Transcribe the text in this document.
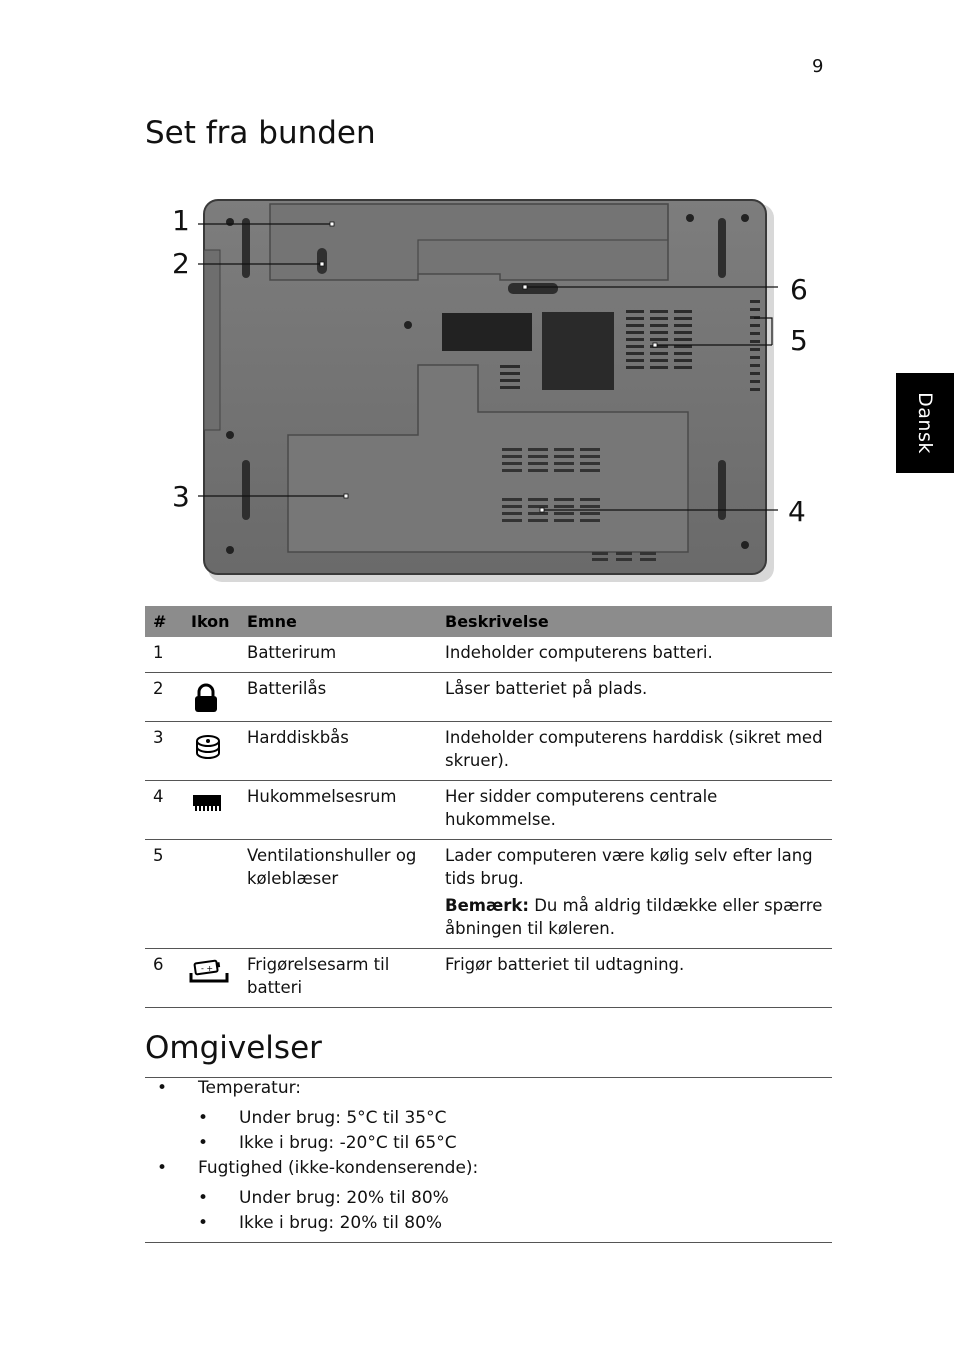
9
Set fra bunden
Dansk
1
2
3	4
5
6
#	Ikon	Emne	Beskrivelse
1		Batterirum	Indeholder computerens batteri.
2		Batterilås	Låser batteriet på plads.
3		Harddiskbås	Indeholder computerens harddisk (sikret med skruer).
4		Hukommelsesrum	Her sidder computerens centrale hukommelse.
5		Ventilationshuller og køleblæser	Lader computeren være kølig selv efter lang tids brug.
Bemærk: Du må aldrig tildække eller spærre åbningen til køleren.

6	- +	Frigørelsesarm til batteri	Frigør batteriet til udtagning.
Omgivelser
• Temperatur:
• Under brug: 5°C til 35°C
• Ikke i brug: -20°C til 65°C
• Fugtighed (ikke-kondenserende):
• Under brug: 20% til 80%
• Ikke i brug: 20% til 80%
